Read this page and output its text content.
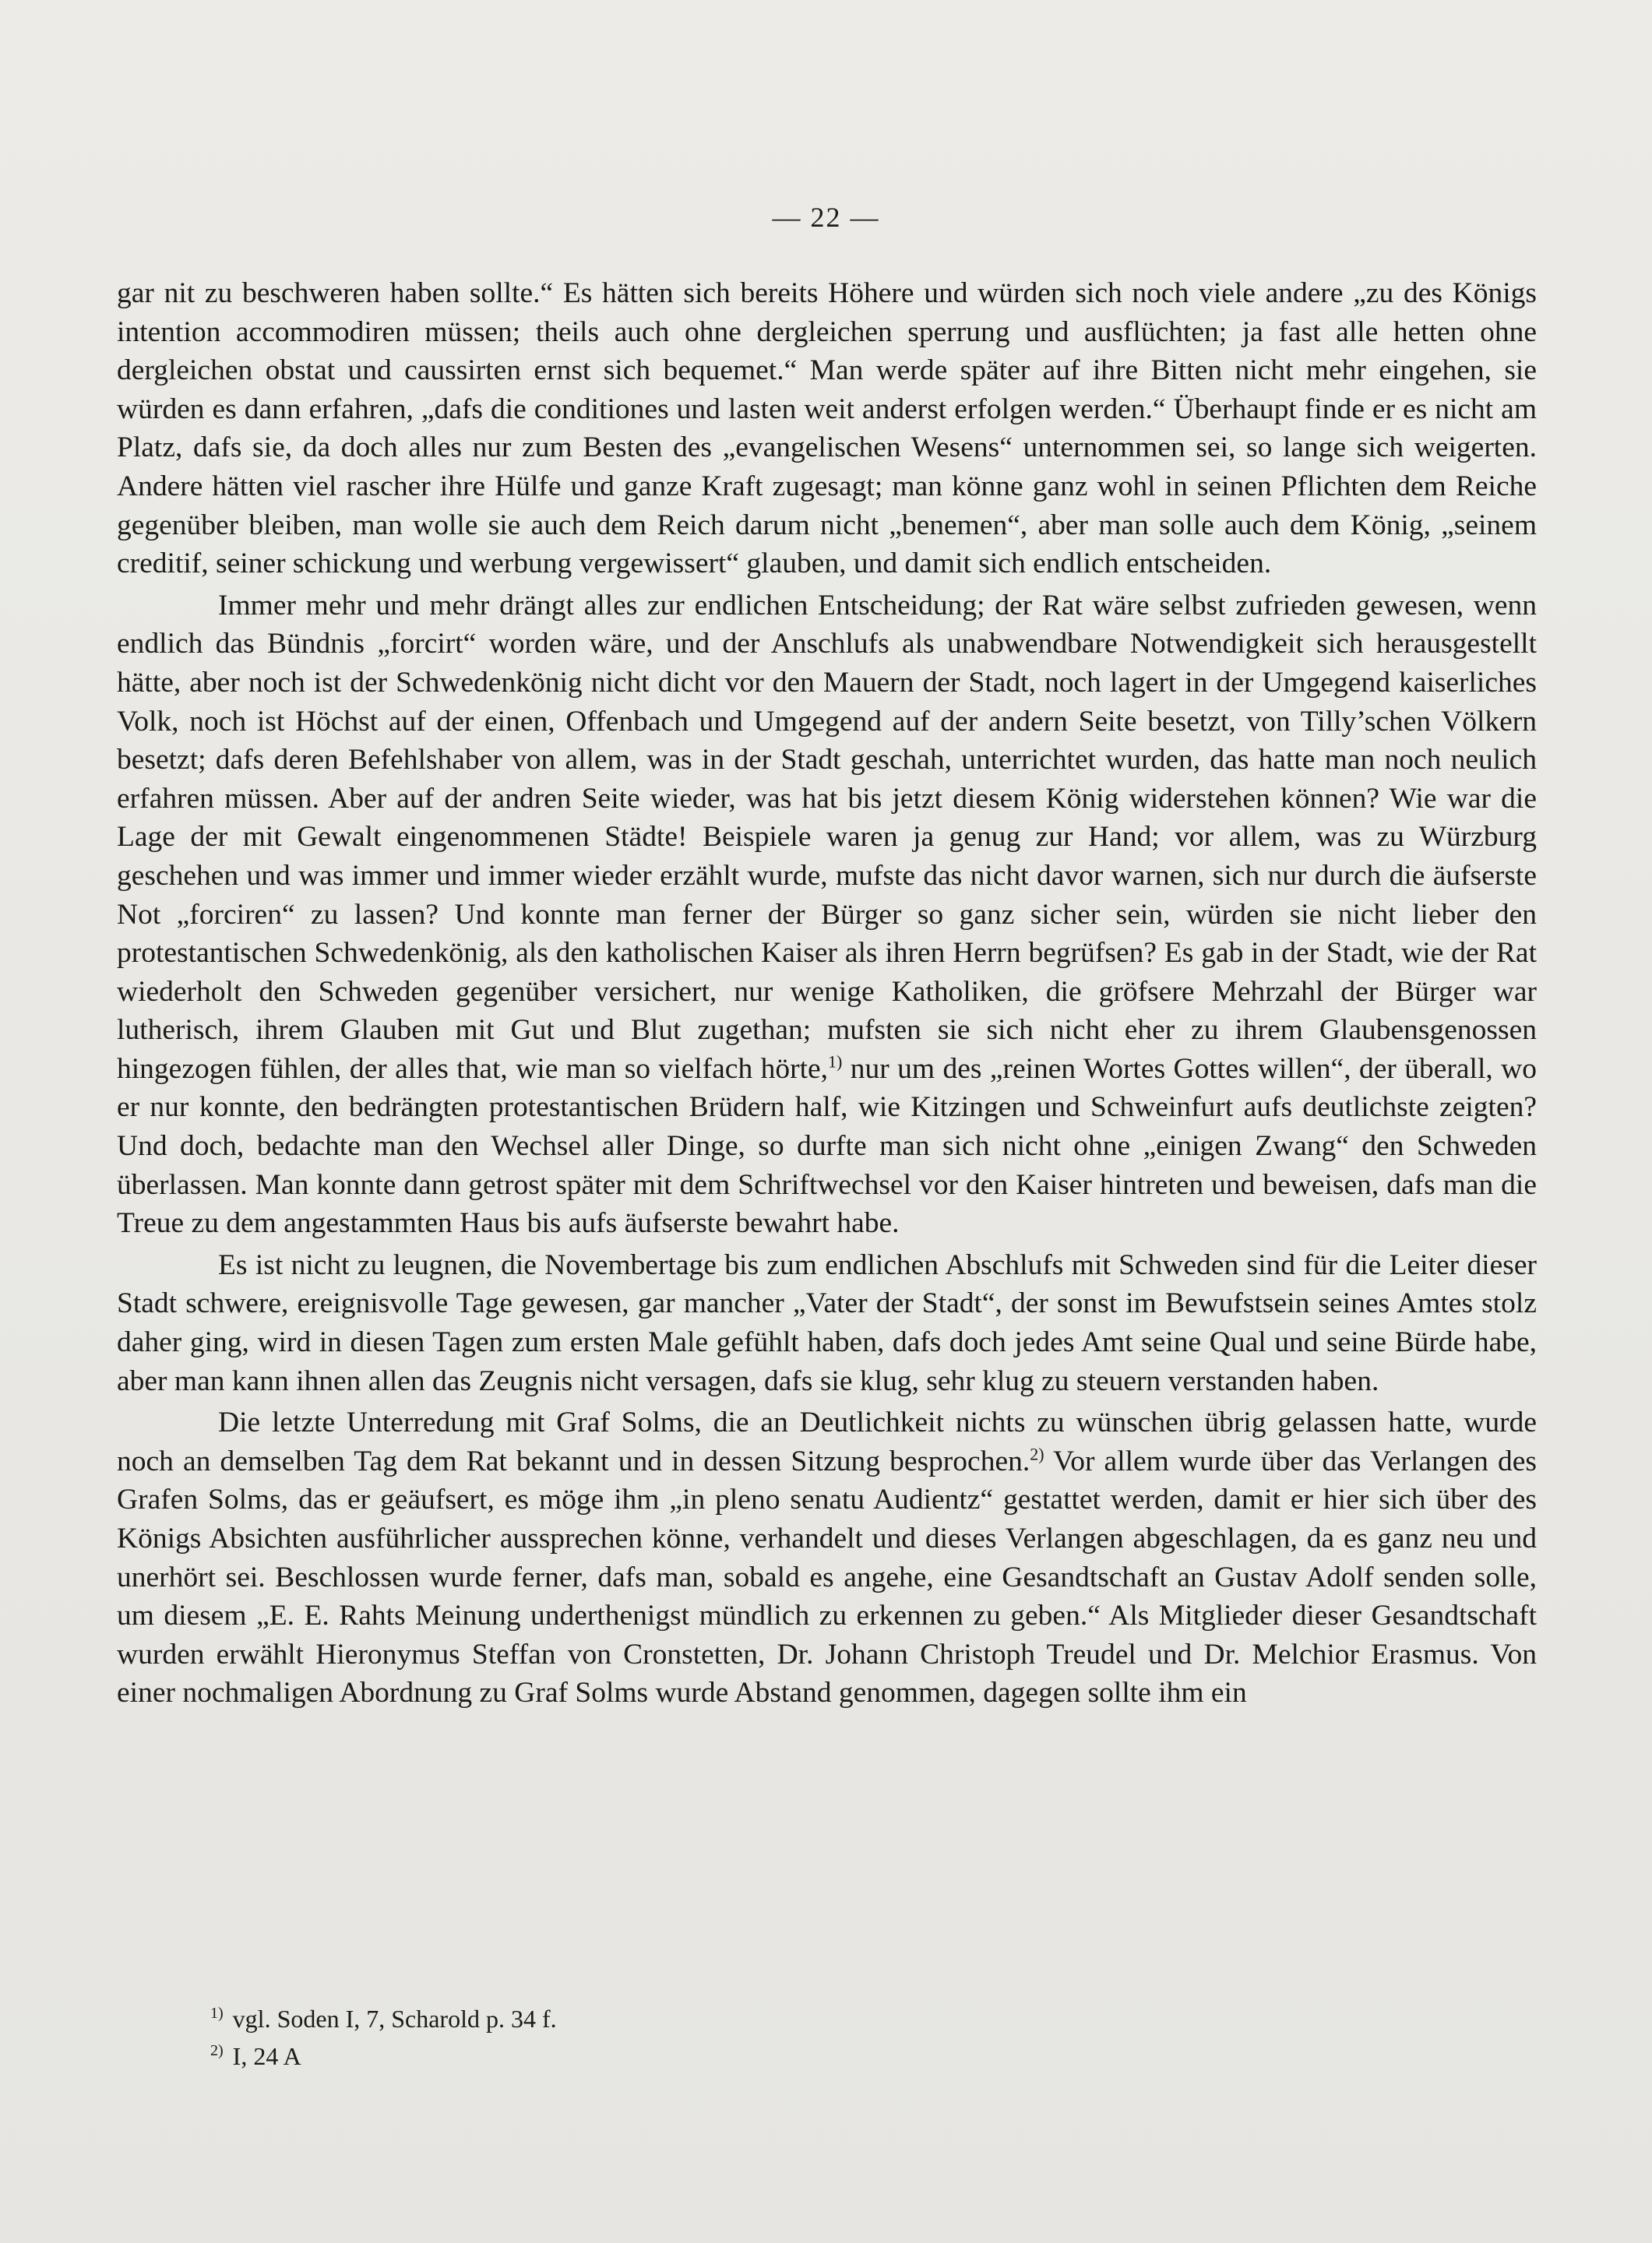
— 22 —

gar nit zu beschweren haben sollte.“ Es hätten sich bereits Höhere und würden sich noch viele andere „zu des Königs intention accommodiren müssen; theils auch ohne dergleichen sperrung und ausflüchten; ja fast alle hetten ohne dergleichen obstat und caussirten ernst sich bequemet.“ Man werde später auf ihre Bitten nicht mehr eingehen, sie würden es dann erfahren, „dafs die conditiones und lasten weit anderst erfolgen werden.“ Überhaupt finde er es nicht am Platz, dafs sie, da doch alles nur zum Besten des „evangelischen Wesens“ unternommen sei, so lange sich weigerten. Andere hätten viel rascher ihre Hülfe und ganze Kraft zugesagt; man könne ganz wohl in seinen Pflichten dem Reiche gegenüber bleiben, man wolle sie auch dem Reich darum nicht „benemen“, aber man solle auch dem König, „seinem creditif, seiner schickung und werbung vergewissert“ glauben, und damit sich endlich entscheiden.

Immer mehr und mehr drängt alles zur endlichen Entscheidung; der Rat wäre selbst zufrieden gewesen, wenn endlich das Bündnis „forcirt“ worden wäre, und der Anschlufs als unabwendbare Notwendigkeit sich herausgestellt hätte, aber noch ist der Schwedenkönig nicht dicht vor den Mauern der Stadt, noch lagert in der Umgegend kaiserliches Volk, noch ist Höchst auf der einen, Offenbach und Umgegend auf der andern Seite besetzt, von Tilly’schen Völkern besetzt; dafs deren Befehlshaber von allem, was in der Stadt geschah, unterrichtet wurden, das hatte man noch neulich erfahren müssen. Aber auf der andren Seite wieder, was hat bis jetzt diesem König widerstehen können? Wie war die Lage der mit Gewalt eingenommenen Städte! Beispiele waren ja genug zur Hand; vor allem, was zu Würzburg geschehen und was immer und immer wieder erzählt wurde, mufste das nicht davor warnen, sich nur durch die äufserste Not „forciren“ zu lassen? Und konnte man ferner der Bürger so ganz sicher sein, würden sie nicht lieber den protestantischen Schwedenkönig, als den katholischen Kaiser als ihren Herrn begrüfsen? Es gab in der Stadt, wie der Rat wiederholt den Schweden gegenüber versichert, nur wenige Katholiken, die gröfsere Mehrzahl der Bürger war lutherisch, ihrem Glauben mit Gut und Blut zugethan; mufsten sie sich nicht eher zu ihrem Glaubensgenossen hingezogen fühlen, der alles that, wie man so vielfach hörte,$^{1)}$ nur um des „reinen Wortes Gottes willen“, der überall, wo er nur konnte, den bedrängten protestantischen Brüdern half, wie Kitzingen und Schweinfurt aufs deutlichste zeigten? Und doch, bedachte man den Wechsel aller Dinge, so durfte man sich nicht ohne „einigen Zwang“ den Schweden überlassen. Man konnte dann getrost später mit dem Schriftwechsel vor den Kaiser hintreten und beweisen, dafs man die Treue zu dem angestammten Haus bis aufs äufserste bewahrt habe.

Es ist nicht zu leugnen, die Novembertage bis zum endlichen Abschlufs mit Schweden sind für die Leiter dieser Stadt schwere, ereignisvolle Tage gewesen, gar mancher „Vater der Stadt“, der sonst im Bewufstsein seines Amtes stolz daher ging, wird in diesen Tagen zum ersten Male gefühlt haben, dafs doch jedes Amt seine Qual und seine Bürde habe, aber man kann ihnen allen das Zeugnis nicht versagen, dafs sie klug, sehr klug zu steuern verstanden haben.

Die letzte Unterredung mit Graf Solms, die an Deutlichkeit nichts zu wünschen übrig gelassen hatte, wurde noch an demselben Tag dem Rat bekannt und in dessen Sitzung besprochen.$^{2)}$ Vor allem wurde über das Verlangen des Grafen Solms, das er geäufsert, es möge ihm „in pleno senatu Audientz“ gestattet werden, damit er hier sich über des Königs Absichten ausführlicher aussprechen könne, verhandelt und dieses Verlangen abgeschlagen, da es ganz neu und unerhört sei. Beschlossen wurde ferner, dafs man, sobald es angehe, eine Gesandtschaft an Gustav Adolf senden solle, um diesem „E. E. Rahts Meinung underthenigst mündlich zu erkennen zu geben.“ Als Mitglieder dieser Gesandtschaft wurden erwählt Hieronymus Steffan von Cronstetten, Dr. Johann Christoph Treudel und Dr. Melchior Erasmus. Von einer nochmaligen Abordnung zu Graf Solms wurde Abstand genommen, dagegen sollte ihm ein

$^{1)}$ vgl. Soden I, 7, Scharold p. 34 f.
$^{2)}$ I, 24 A
